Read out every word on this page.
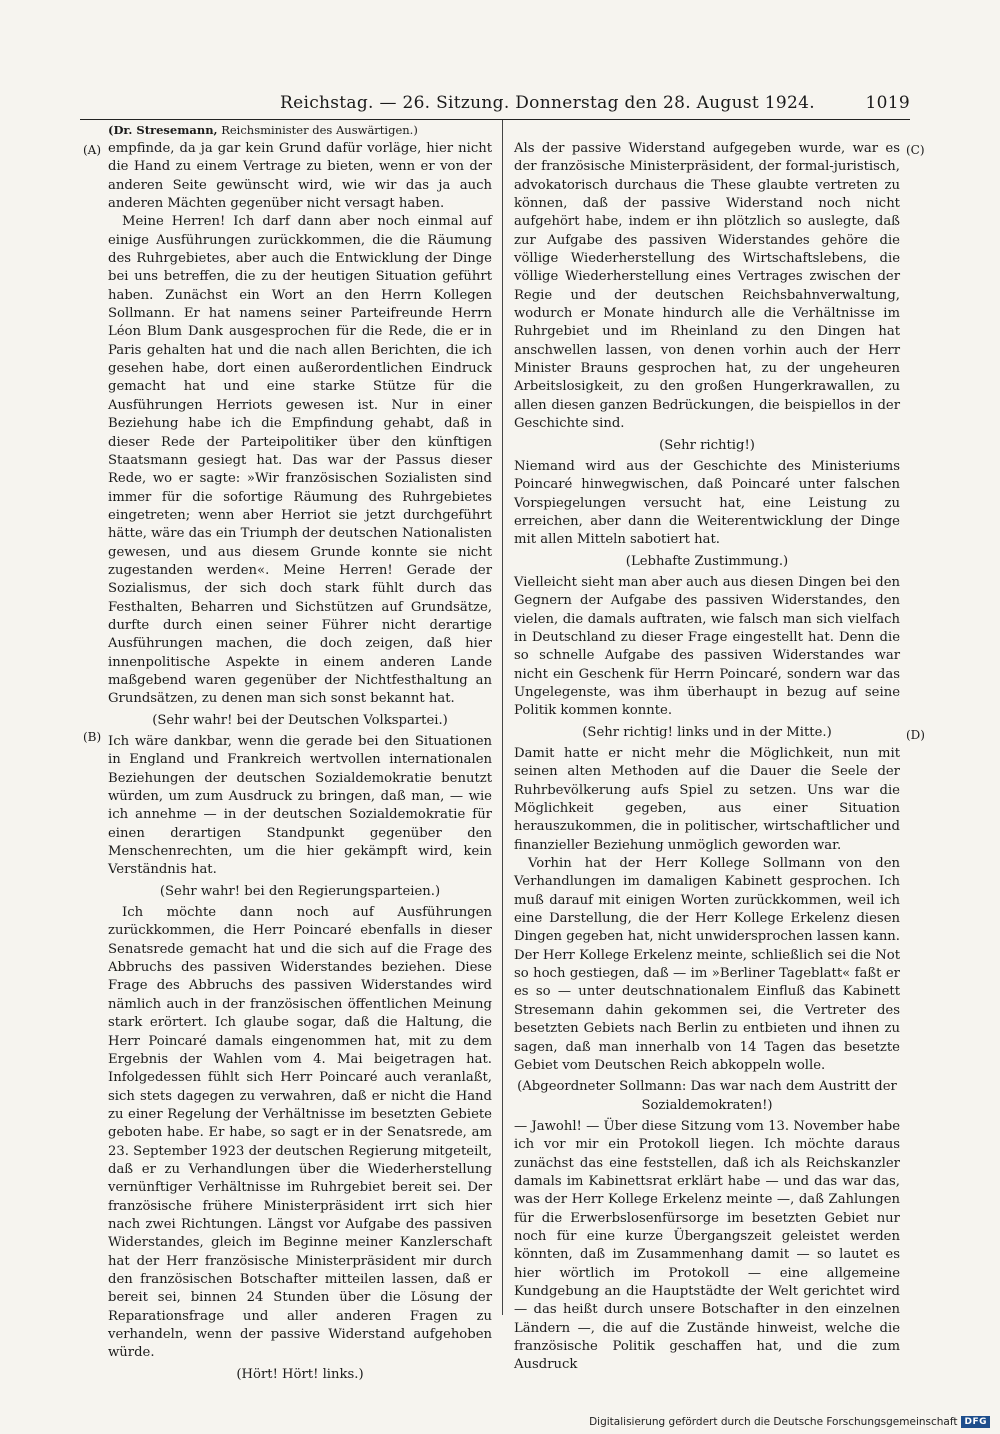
Reichstag. — 26. Sitzung. Donnerstag den 28. August 1924.	1019
(Dr. Stresemann, Reichsminister des Auswärtigen.)
(A)
(B)
(C)
(D)

empfinde, da ja gar kein Grund dafür vorläge, hier nicht die Hand zu einem Vertrage zu bieten, wenn er von der anderen Seite gewünscht wird, wie wir das ja auch anderen Mächten gegenüber nicht versagt haben.

Meine Herren! Ich darf dann aber noch einmal auf einige Ausführungen zurückkommen, die die Räumung des Ruhrgebietes, aber auch die Entwicklung der Dinge bei uns betreffen, die zu der heutigen Situation geführt haben. Zunächst ein Wort an den Herrn Kollegen Sollmann. Er hat namens seiner Parteifreunde Herrn Léon Blum Dank ausgesprochen für die Rede, die er in Paris gehalten hat und die nach allen Berichten, die ich gesehen habe, dort einen außerordentlichen Eindruck gemacht hat und eine starke Stütze für die Ausführungen Herriots gewesen ist. Nur in einer Beziehung habe ich die Empfindung gehabt, daß in dieser Rede der Parteipolitiker über den künftigen Staatsmann gesiegt hat. Das war der Passus dieser Rede, wo er sagte: »Wir französischen Sozialisten sind immer für die sofortige Räumung des Ruhrgebietes eingetreten; wenn aber Herriot sie jetzt durchgeführt hätte, wäre das ein Triumph der deutschen Nationalisten gewesen, und aus diesem Grunde konnte sie nicht zugestanden werden«. Meine Herren! Gerade der Sozialismus, der sich doch stark fühlt durch das Festhalten, Beharren und Sichstützen auf Grundsätze, durfte durch einen seiner Führer nicht derartige Ausführungen machen, die doch zeigen, daß hier innenpolitische Aspekte in einem anderen Lande maßgebend waren gegenüber der Nichtfesthaltung an Grundsätzen, zu denen man sich sonst bekannt hat.

(Sehr wahr! bei der Deutschen Volkspartei.)

Ich wäre dankbar, wenn die gerade bei den Situationen in England und Frankreich wertvollen internationalen Beziehungen der deutschen Sozialdemokratie benutzt würden, um zum Ausdruck zu bringen, daß man, — wie ich annehme — in der deutschen Sozialdemokratie für einen derartigen Standpunkt gegenüber den Menschenrechten, um die hier gekämpft wird, kein Verständnis hat.

(Sehr wahr! bei den Regierungsparteien.)

Ich möchte dann noch auf Ausführungen zurückkommen, die Herr Poincaré ebenfalls in dieser Senatsrede gemacht hat und die sich auf die Frage des Abbruchs des passiven Widerstandes beziehen. Diese Frage des Abbruchs des passiven Widerstandes wird nämlich auch in der französischen öffentlichen Meinung stark erörtert. Ich glaube sogar, daß die Haltung, die Herr Poincaré damals eingenommen hat, mit zu dem Ergebnis der Wahlen vom 4. Mai beigetragen hat. Infolgedessen fühlt sich Herr Poincaré auch veranlaßt, sich stets dagegen zu verwahren, daß er nicht die Hand zu einer Regelung der Verhältnisse im besetzten Gebiete geboten habe. Er habe, so sagt er in der Senatsrede, am 23. September 1923 der deutschen Regierung mitgeteilt, daß er zu Verhandlungen über die Wiederherstellung vernünftiger Verhältnisse im Ruhrgebiet bereit sei. Der französische frühere Ministerpräsident irrt sich hier nach zwei Richtungen. Längst vor Aufgabe des passiven Widerstandes, gleich im Beginne meiner Kanzlerschaft hat der Herr französische Ministerpräsident mir durch den französischen Botschafter mitteilen lassen, daß er bereit sei, binnen 24 Stunden über die Lösung der Reparationsfrage und aller anderen Fragen zu verhandeln, wenn der passive Widerstand aufgehoben würde.

(Hört! Hört! links.)

Als der passive Widerstand aufgegeben wurde, war es der französische Ministerpräsident, der formal-juristisch, advokatorisch durchaus die These glaubte vertreten zu können, daß der passive Widerstand noch nicht aufgehört habe, indem er ihn plötzlich so auslegte, daß zur Aufgabe des passiven Widerstandes gehöre die völlige Wiederherstellung des Wirtschaftslebens, die völlige Wiederherstellung eines Vertrages zwischen der Regie und der deutschen Reichsbahnverwaltung, wodurch er Monate hindurch alle die Verhältnisse im Ruhrgebiet und im Rheinland zu den Dingen hat anschwellen lassen, von denen vorhin auch der Herr Minister Brauns gesprochen hat, zu der ungeheuren Arbeitslosigkeit, zu den großen Hungerkrawallen, zu allen diesen ganzen Bedrückungen, die beispiellos in der Geschichte sind.

(Sehr richtig!)

Niemand wird aus der Geschichte des Ministeriums Poincaré hinwegwischen, daß Poincaré unter falschen Vorspiegelungen versucht hat, eine Leistung zu erreichen, aber dann die Weiterentwicklung der Dinge mit allen Mitteln sabotiert hat.

(Lebhafte Zustimmung.)

Vielleicht sieht man aber auch aus diesen Dingen bei den Gegnern der Aufgabe des passiven Widerstandes, den vielen, die damals auftraten, wie falsch man sich vielfach in Deutschland zu dieser Frage eingestellt hat. Denn die so schnelle Aufgabe des passiven Widerstandes war nicht ein Geschenk für Herrn Poincaré, sondern war das Ungelegenste, was ihm überhaupt in bezug auf seine Politik kommen konnte.

(Sehr richtig! links und in der Mitte.)

Damit hatte er nicht mehr die Möglichkeit, nun mit seinen alten Methoden auf die Dauer die Seele der Ruhrbevölkerung aufs Spiel zu setzen. Uns war die Möglichkeit gegeben, aus einer Situation herauszukommen, die in politischer, wirtschaftlicher und finanzieller Beziehung unmöglich geworden war.

Vorhin hat der Herr Kollege Sollmann von den Verhandlungen im damaligen Kabinett gesprochen. Ich muß darauf mit einigen Worten zurückkommen, weil ich eine Darstellung, die der Herr Kollege Erkelenz diesen Dingen gegeben hat, nicht unwidersprochen lassen kann. Der Herr Kollege Erkelenz meinte, schließlich sei die Not so hoch gestiegen, daß — im »Berliner Tageblatt« faßt er es so — unter deutschnationalem Einfluß das Kabinett Stresemann dahin gekommen sei, die Vertreter des besetzten Gebiets nach Berlin zu entbieten und ihnen zu sagen, daß man innerhalb von 14 Tagen das besetzte Gebiet vom Deutschen Reich abkoppeln wolle.

(Abgeordneter Sollmann: Das war nach dem Austritt der Sozialdemokraten!)

— Jawohl! — Über diese Sitzung vom 13. November habe ich vor mir ein Protokoll liegen. Ich möchte daraus zunächst das eine feststellen, daß ich als Reichskanzler damals im Kabinettsrat erklärt habe — und das war das, was der Herr Kollege Erkelenz meinte —, daß Zahlungen für die Erwerbslosenfürsorge im besetzten Gebiet nur noch für eine kurze Übergangszeit geleistet werden könnten, daß im Zusammenhang damit — so lautet es hier wörtlich im Protokoll — eine allgemeine Kundgebung an die Hauptstädte der Welt gerichtet wird — das heißt durch unsere Botschafter in den einzelnen Ländern —, die auf die Zustände hinweist, welche die französische Politik geschaffen hat, und die zum Ausdruck

Digitalisierung gefördert durch die Deutsche Forschungsgemeinschaft DFG
